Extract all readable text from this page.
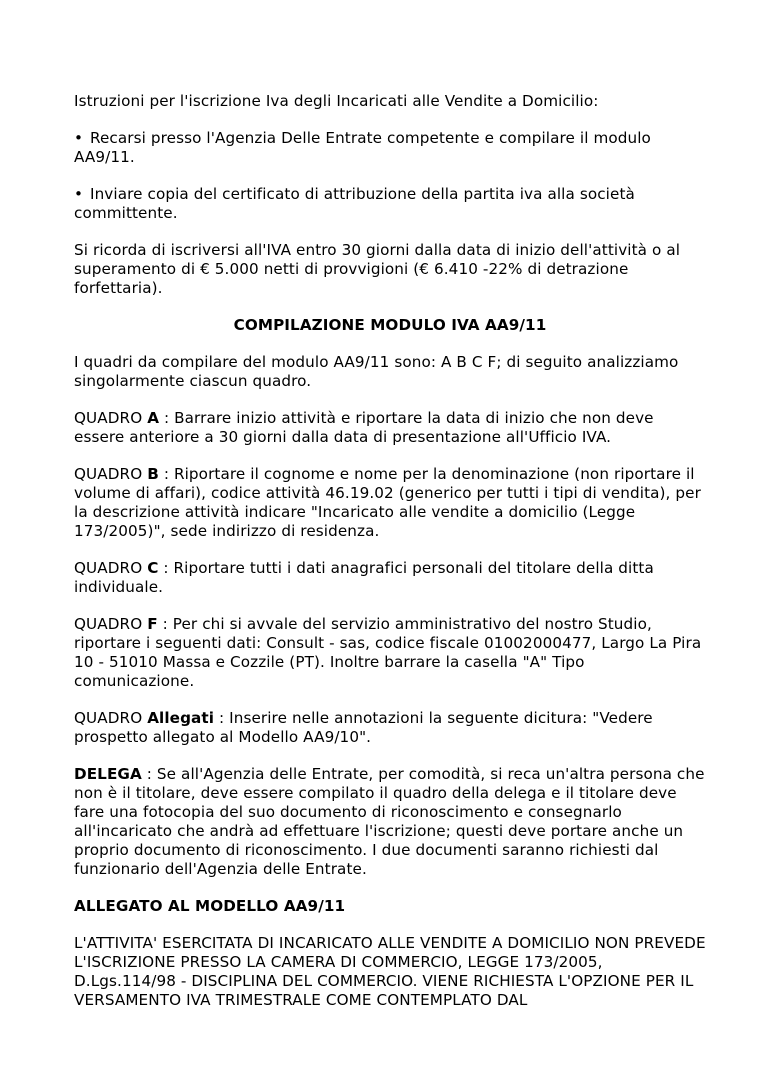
Istruzioni per l'iscrizione Iva degli Incaricati alle Vendite a Domicilio:

• Recarsi presso l'Agenzia Delle Entrate competente e compilare il modulo AA9/11.

• Inviare copia del certificato di attribuzione della partita iva alla società committente.

Si ricorda di iscriversi all'IVA entro 30 giorni dalla data di inizio dell'attività o al superamento di € 5.000 netti di provvigioni (€ 6.410 -22% di detrazione forfettaria).

COMPILAZIONE MODULO IVA AA9/11

I quadri da compilare del modulo AA9/11 sono: A B C F; di seguito analizziamo singolarmente ciascun quadro.

QUADRO A : Barrare inizio attività e riportare la data di inizio che non deve essere anteriore a 30 giorni dalla data di presentazione all'Ufficio IVA.

QUADRO B : Riportare il cognome e nome per la denominazione (non riportare il volume di affari), codice attività 46.19.02 (generico per tutti i tipi di vendita), per la descrizione attività indicare "Incaricato alle vendite a domicilio (Legge 173/2005)", sede indirizzo di residenza.

QUADRO C : Riportare tutti i dati anagrafici personali del titolare della ditta individuale.

QUADRO F : Per chi si avvale del servizio amministrativo del nostro Studio, riportare i seguenti dati: Consult - sas, codice fiscale 01002000477, Largo La Pira 10 - 51010 Massa e Cozzile (PT). Inoltre barrare la casella "A" Tipo comunicazione.

QUADRO Allegati : Inserire nelle annotazioni la seguente dicitura: "Vedere prospetto allegato al Modello AA9/10".

DELEGA : Se all'Agenzia delle Entrate, per comodità, si reca un'altra persona che non è il titolare, deve essere compilato il quadro della delega e il titolare deve fare una fotocopia del suo documento di riconoscimento e consegnarlo all'incaricato che andrà ad effettuare l'iscrizione; questi deve portare anche un proprio documento di riconoscimento. I due documenti saranno richiesti dal funzionario dell'Agenzia delle Entrate.

ALLEGATO AL MODELLO AA9/11

L'ATTIVITA' ESERCITATA DI INCARICATO ALLE VENDITE A DOMICILIO NON PREVEDE L'ISCRIZIONE PRESSO LA CAMERA DI COMMERCIO, LEGGE 173/2005, D.Lgs.114/98 - DISCIPLINA DEL COMMERCIO. VIENE RICHIESTA L'OPZIONE PER IL VERSAMENTO IVA TRIMESTRALE COME CONTEMPLATO DAL
